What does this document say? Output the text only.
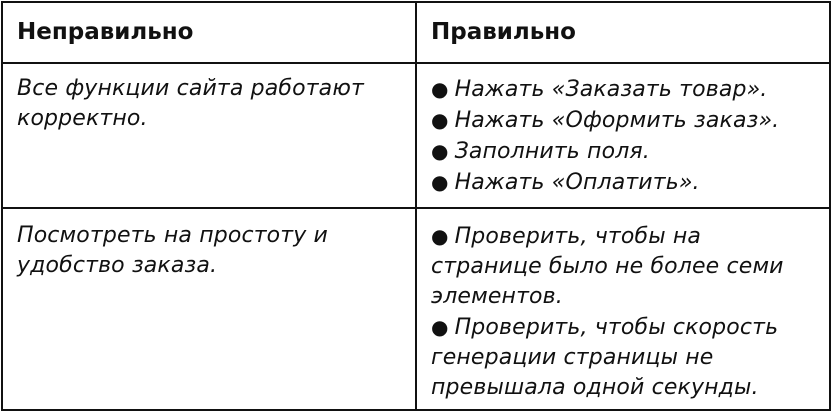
Неправильно	Правильно
Все функции сайта работают корректно.
● Нажать «Заказать товар».
● Нажать «Оформить заказ».
● Заполнить поля.
● Нажать «Оплатить».
Посмотреть на простоту и удобство заказа.
● Проверить, чтобы на странице было не более семи элементов.
● Проверить, чтобы скорость генерации страницы не превышала одной секунды.
